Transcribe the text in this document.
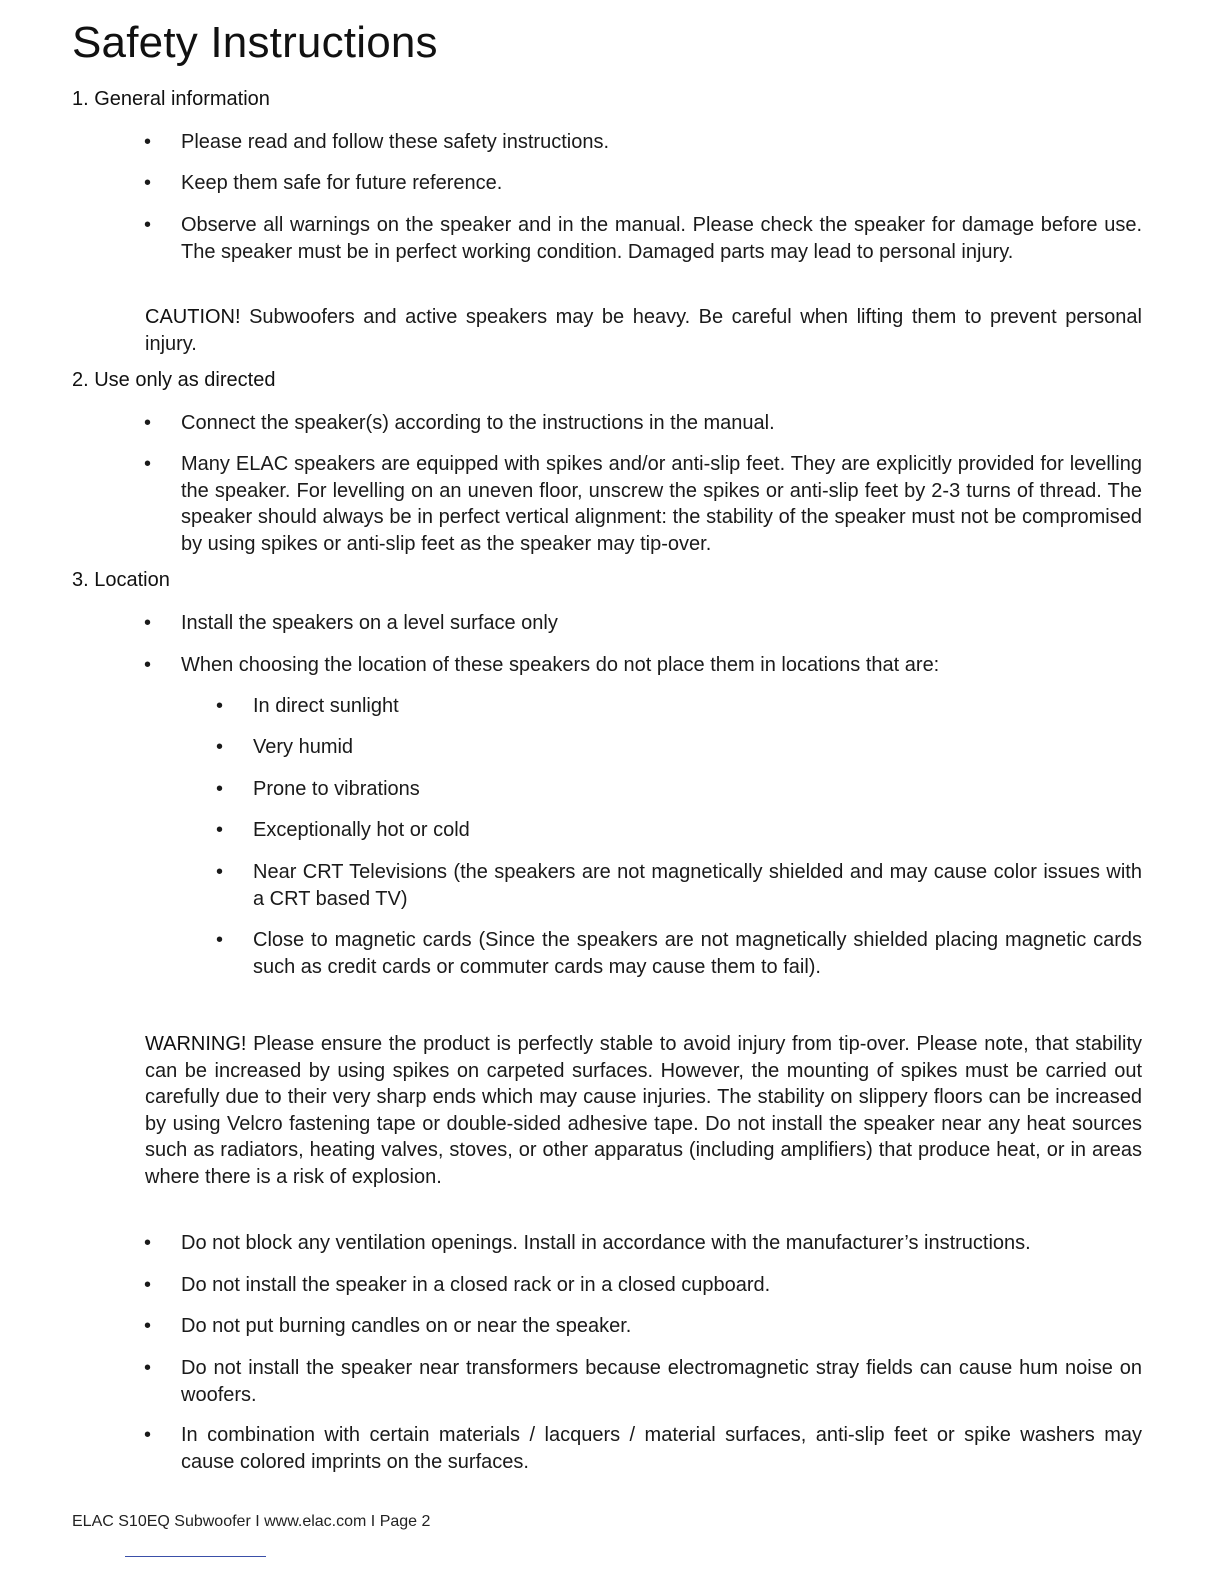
Safety Instructions
1. General information
• Please read and follow these safety instructions.
• Keep them safe for future reference.
• Observe all warnings on the speaker and in the manual. Please check the speaker for damage before use. The speaker must be in perfect working condition. Damaged parts may lead to personal injury.
CAUTION! Subwoofers and active speakers may be heavy. Be careful when lifting them to prevent personal injury.
2. Use only as directed
• Connect the speaker(s) according to the instructions in the manual.
• Many ELAC speakers are equipped with spikes and/or anti-slip feet. They are explicitly provided for levelling the speaker. For levelling on an uneven floor, unscrew the spikes or anti-slip feet by 2-3 turns of thread. The speaker should always be in perfect vertical alignment: the stability of the speaker must not be compromised by using spikes or anti-slip feet as the speaker may tip-over.
3. Location
• Install the speakers on a level surface only
• When choosing the location of these speakers do not place them in locations that are:
• In direct sunlight
• Very humid
• Prone to vibrations
• Exceptionally hot or cold
• Near CRT Televisions (the speakers are not magnetically shielded and may cause color issues with a CRT based TV)
• Close to magnetic cards (Since the speakers are not magnetically shielded placing magnetic cards such as credit cards or commuter cards may cause them to fail).
WARNING! Please ensure the product is perfectly stable to avoid injury from tip-over. Please note, that stability can be increased by using spikes on carpeted surfaces. However, the mounting of spikes must be carried out carefully due to their very sharp ends which may cause injuries. The stability on slippery floors can be increased by using Velcro fastening tape or double-sided adhesive tape. Do not install the speaker near any heat sources such as radiators, heating valves, stoves, or other apparatus (including amplifiers) that produce heat, or in areas where there is a risk of explosion.
• Do not block any ventilation openings. Install in accordance with the manufacturer’s instructions.
• Do not install the speaker in a closed rack or in a closed cupboard.
• Do not put burning candles on or near the speaker.
• Do not install the speaker near transformers because electromagnetic stray fields can cause hum noise on woofers.
• In combination with certain materials / lacquers / material surfaces, anti-slip feet or spike washers may cause colored imprints on the surfaces.
ELAC S10EQ Subwoofer I www.elac.com I Page 2
